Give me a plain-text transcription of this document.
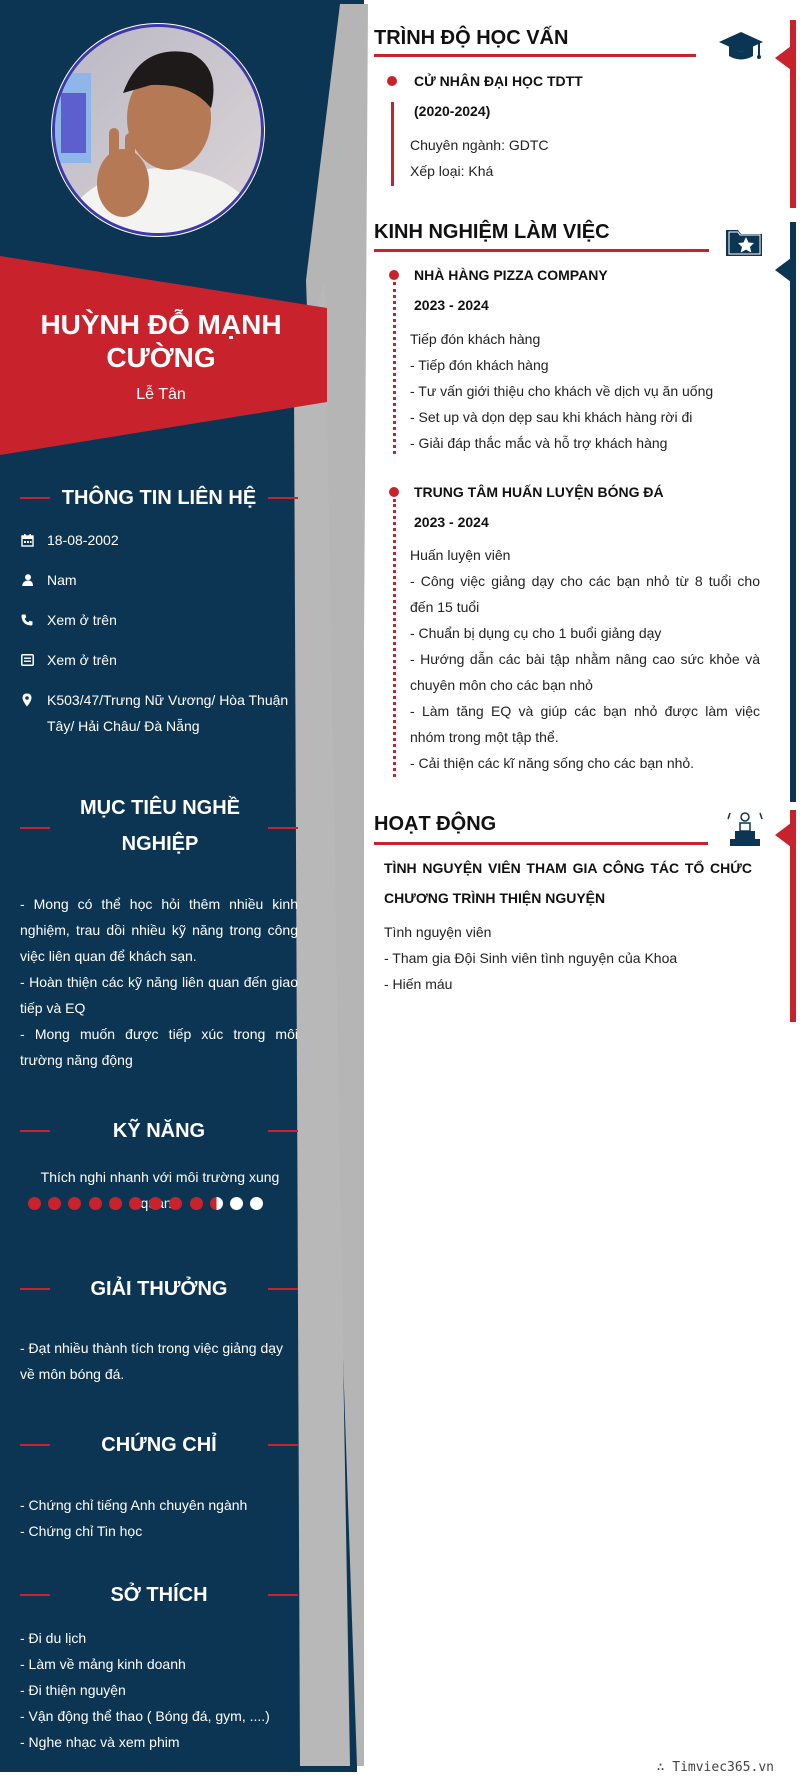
HUỲNH ĐỖ MẠNH CƯỜNG
Lễ Tân
THÔNG TIN LIÊN HỆ
18-08-2002
Nam
Xem ở trên
Xem ở trên
K503/47/Trưng Nữ Vương/ Hòa Thuận Tây/ Hải Châu/ Đà Nẵng
MỤC TIÊU NGHỀ NGHIỆP
- Mong có thể học hỏi thêm nhiều kinh nghiệm, trau dồi nhiều kỹ năng trong công việc liên quan để khách sạn.
- Hoàn thiện các kỹ năng liên quan đến giao tiếp và EQ
- Mong muốn được tiếp xúc trong môi trường năng động
KỸ NĂNG
Thích nghi nhanh với môi trường xung
GIẢI THƯỞNG
- Đạt nhiều thành tích trong việc giảng dạy về môn bóng đá.
CHỨNG CHỈ
- Chứng chỉ tiếng Anh chuyên ngành
- Chứng chỉ Tin học
SỞ THÍCH
- Đi du lịch
- Làm về mảng kinh doanh
- Đi thiện nguyện
- Vận động thể thao ( Bóng đá, gym, ....)
- Nghe nhạc và xem phim
TRÌNH ĐỘ HỌC VẤN
CỬ NHÂN ĐẠI HỌC TDTT
(2020-2024)
Chuyên ngành: GDTC
Xếp loại: Khá
KINH NGHIỆM LÀM VIỆC
NHÀ HÀNG PIZZA COMPANY
2023 - 2024
Tiếp đón khách hàng
- Tiếp đón khách hàng
- Tư vấn giới thiệu cho khách về dịch vụ ăn uống
- Set up và dọn dẹp sau khi khách hàng rời đi
- Giải đáp thắc mắc và hỗ trợ khách hàng
TRUNG TÂM HUẤN LUYỆN BÓNG ĐÁ
2023 - 2024
Huấn luyện viên
- Công việc giảng dạy cho các bạn nhỏ từ 8 tuổi cho đến 15 tuổi
- Chuẩn bị dụng cụ cho 1 buổi giảng dạy
- Hướng dẫn các bài tập nhằm nâng cao sức khỏe và chuyên môn cho các bạn nhỏ
- Làm tăng EQ và giúp các bạn nhỏ được làm việc nhóm trong một tập thể.
- Cải thiện các kĩ năng sống cho các bạn nhỏ.
HOẠT ĐỘNG
TÌNH NGUYỆN VIÊN THAM GIA CÔNG TÁC TỔ CHỨC CHƯƠNG TRÌNH THIỆN NGUYỆN
Tình nguyện viên
- Tham gia Đội Sinh viên tình nguyện của Khoa
- Hiến máu
∴ Timviec365.vn
